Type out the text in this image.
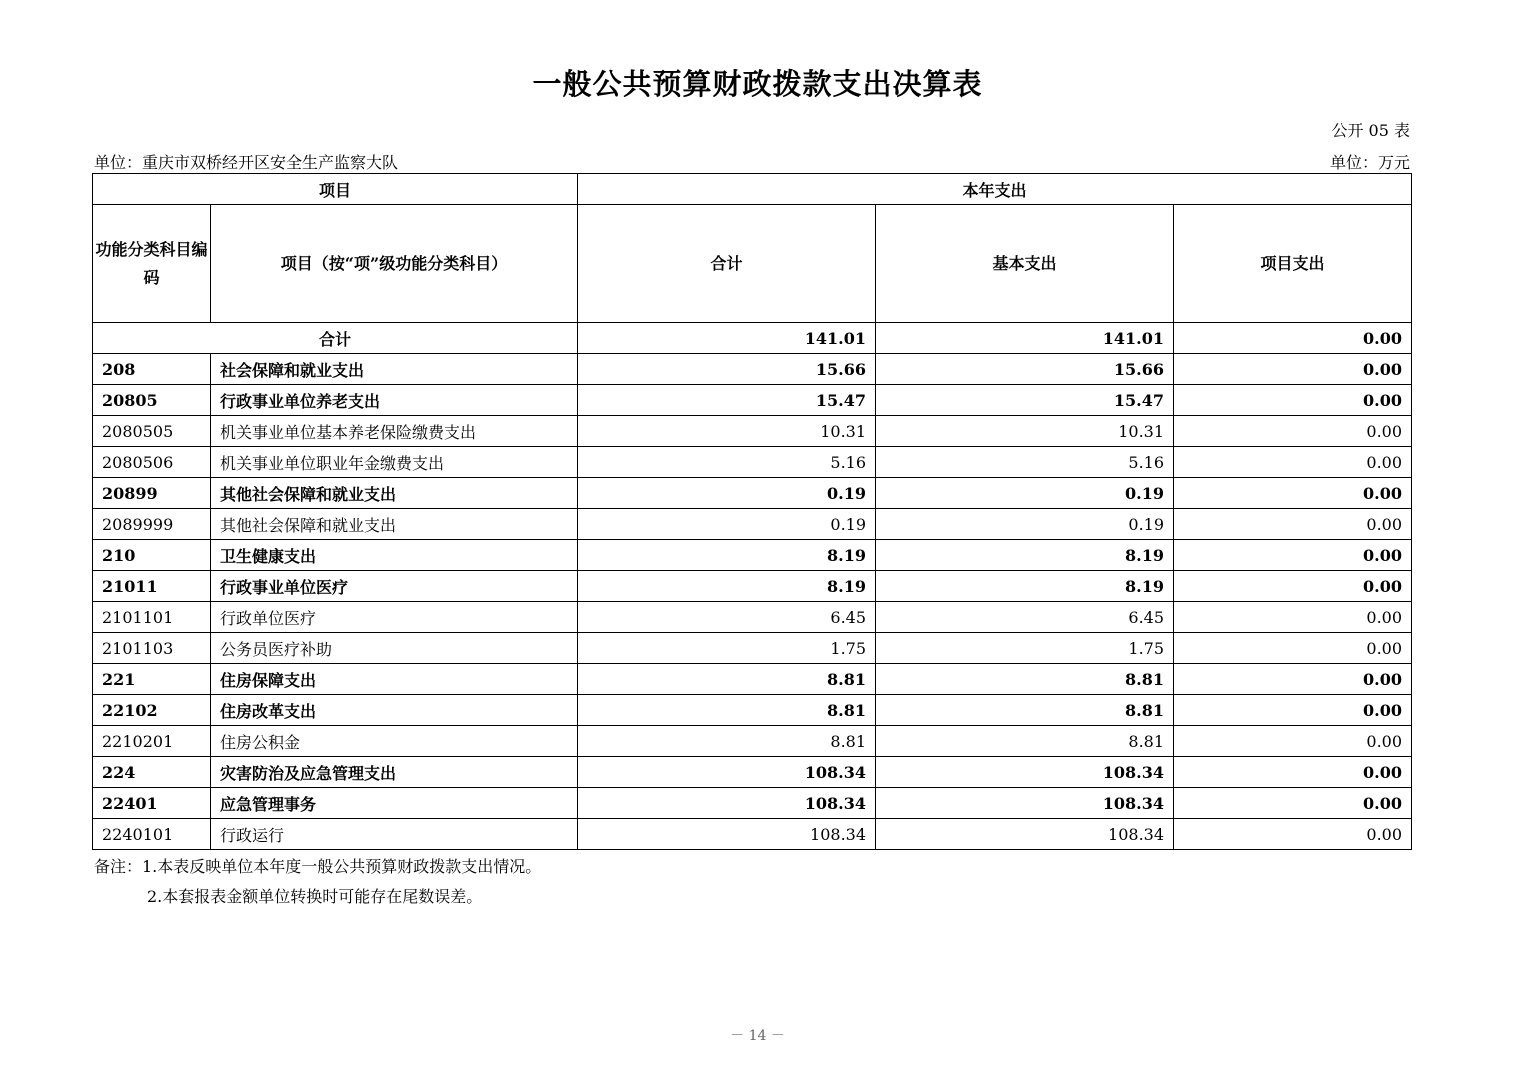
一般公共预算财政拨款支出决算表
公开 05 表
单位：重庆市双桥经开区安全生产监察大队	单位：万元
项目		本年支出		
功能分类科目编码	项目（按“项”级功能分类科目）	合计	基本支出	项目支出
合计		141.01	141.01	0.00
208	社会保障和就业支出	15.66	15.66	0.00
20805	行政事业单位养老支出	15.47	15.47	0.00
2080505	机关事业单位基本养老保险缴费支出	10.31	10.31	0.00
2080506	机关事业单位职业年金缴费支出	5.16	5.16	0.00
20899	其他社会保障和就业支出	0.19	0.19	0.00
2089999	其他社会保障和就业支出	0.19	0.19	0.00
210	卫生健康支出	8.19	8.19	0.00
21011	行政事业单位医疗	8.19	8.19	0.00
2101101	行政单位医疗	6.45	6.45	0.00
2101103	公务员医疗补助	1.75	1.75	0.00
221	住房保障支出	8.81	8.81	0.00
22102	住房改革支出	8.81	8.81	0.00
2210201	住房公积金	8.81	8.81	0.00
224	灾害防治及应急管理支出	108.34	108.34	0.00
22401	应急管理事务	108.34	108.34	0.00
2240101	行政运行	108.34	108.34	0.00
备注：1.本表反映单位本年度一般公共预算财政拨款支出情况。
2.本套报表金额单位转换时可能存在尾数误差。
－ 14 －
